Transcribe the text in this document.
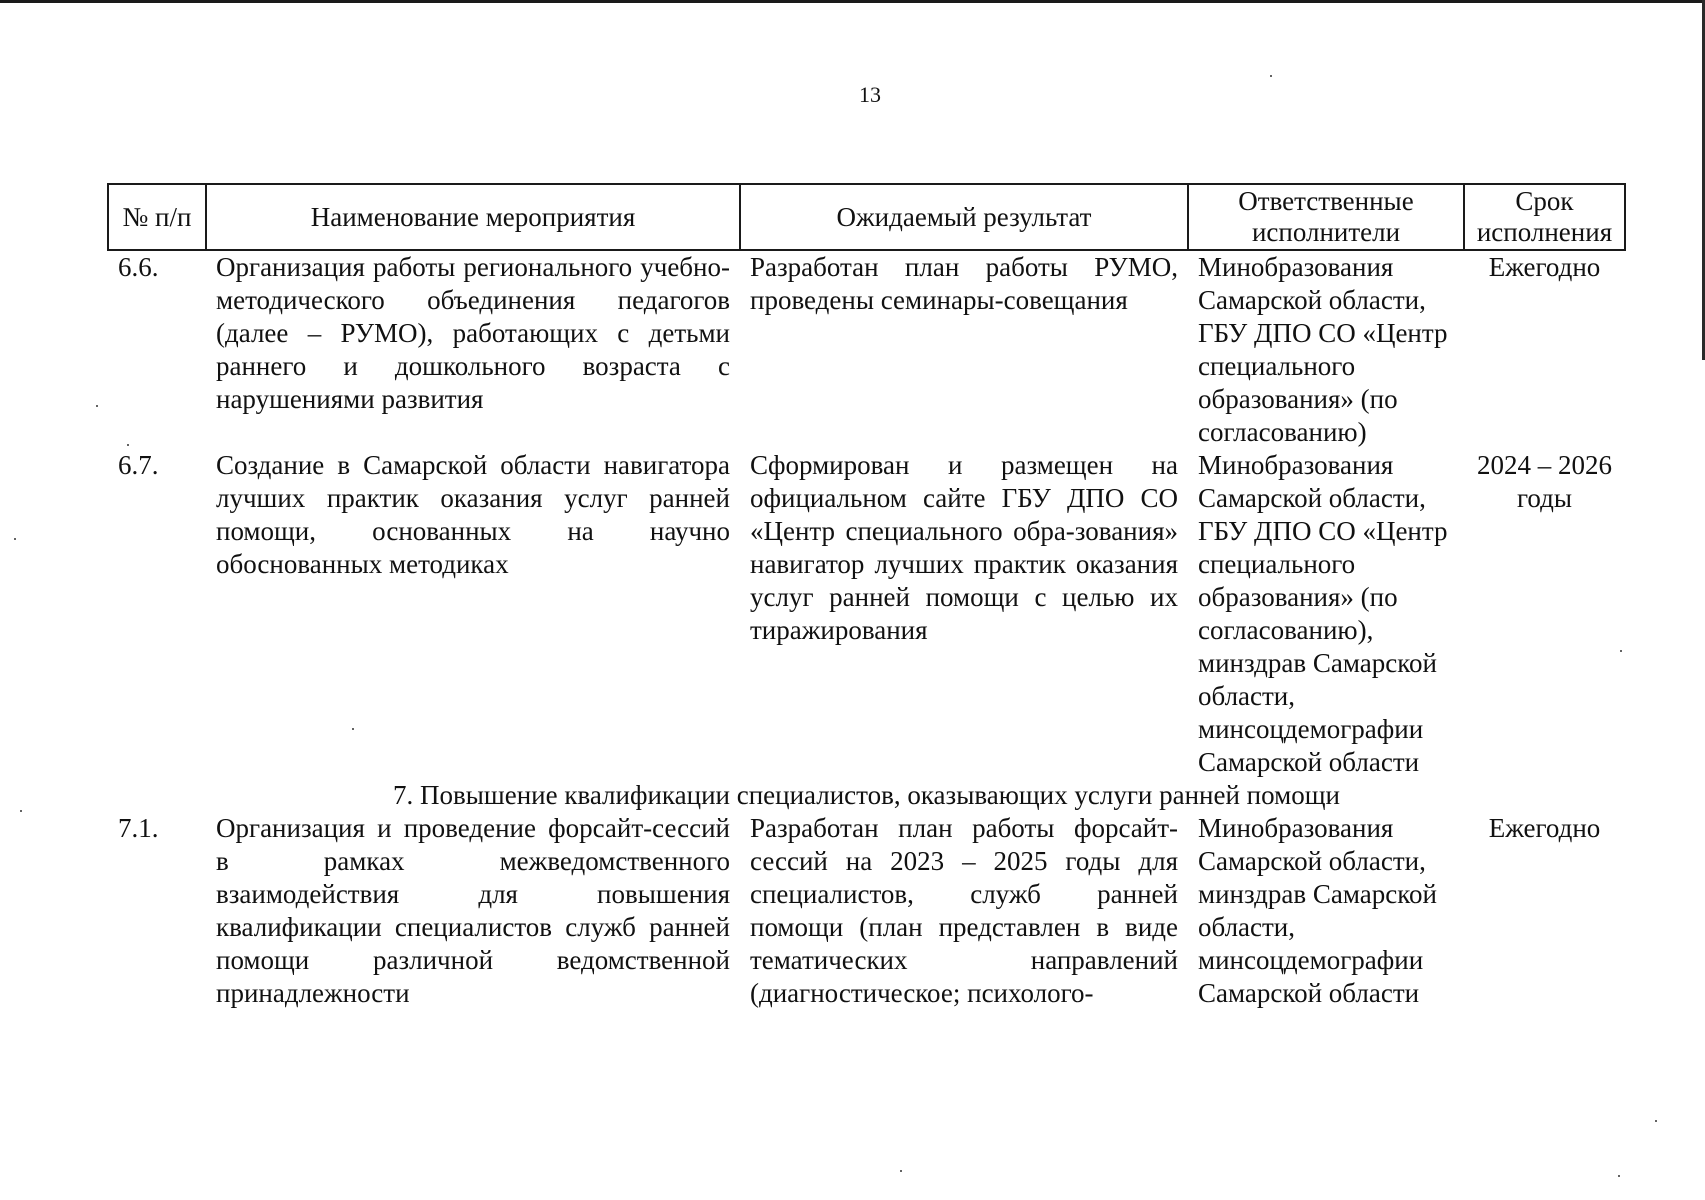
13
№ п/п	Наименование мероприятия	Ожидаемый результат	Ответственные исполнители	Срок исполнения
6.6.	Организация работы регионального учебно-методического объединения педагогов (далее – РУМО), работающих с детьми раннего и дошкольного возраста с нарушениями развития	Разработан план работы РУМО, проведены семинары-совещания	Минобразования Самарской области, ГБУ ДПО СО «Центр специального образования» (по согласованию)	Ежегодно
6.7.	Создание в Самарской области навигатора лучших практик оказания услуг ранней помощи, основанных на научно обоснованных методиках	Сформирован и размещен на официальном сайте ГБУ ДПО СО «Центр специального обра-зования» навигатор лучших практик оказания услуг ранней помощи с целью их тиражирования	Минобразования Самарской области, ГБУ ДПО СО «Центр специального образования» (по согласованию), минздрав Самарской области, минсоцдемографии Самарской области	2024 – 2026 годы
7. Повышение квалификации специалистов, оказывающих услуги ранней помощи				
7.1.	Организация и проведение форсайт-сессий в рамках межведомственного взаимодействия для повышения квалификации специалистов служб ранней помощи различной ведомственной принадлежности	Разработан план работы форсайт-сессий на 2023 – 2025 годы для специалистов, служб ранней помощи (план представлен в виде тематических направлений (диагностическое; психолого-	Минобразования Самарской области, минздрав Самарской области, минсоцдемографии Самарской области	Ежегодно
